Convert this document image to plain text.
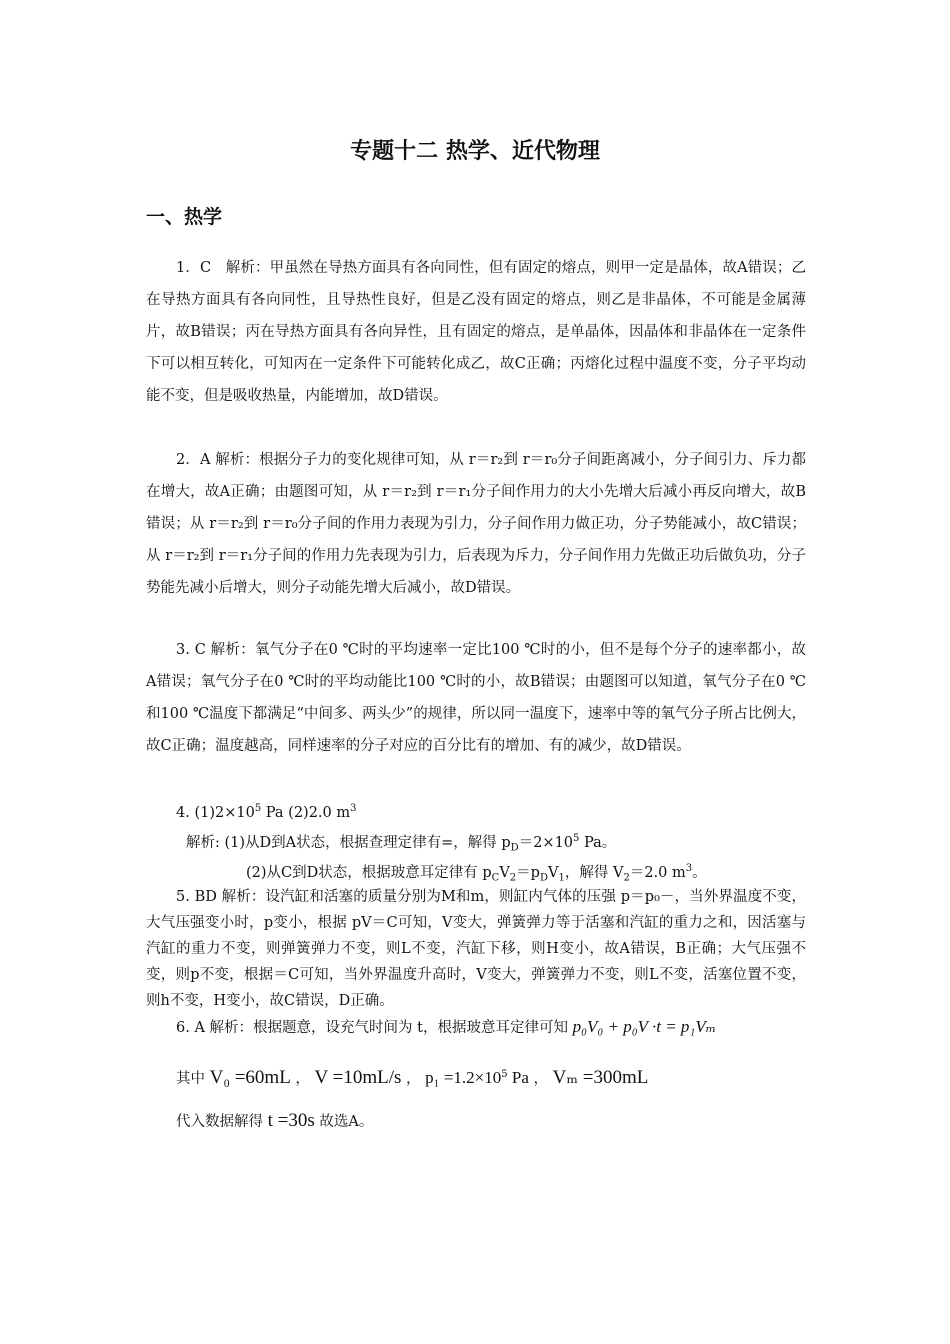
专题十二 热学、近代物理
一、热学
1．C　解析：甲虽然在导热方面具有各向同性，但有固定的熔点，则甲一定是晶体，故A错误；乙在导热方面具有各向同性，且导热性良好，但是乙没有固定的熔点，则乙是非晶体，不可能是金属薄片，故B错误；丙在导热方面具有各向异性，且有固定的熔点，是单晶体，因晶体和非晶体在一定条件下可以相互转化，可知丙在一定条件下可能转化成乙，故C正确；丙熔化过程中温度不变，分子平均动能不变，但是吸收热量，内能增加，故D错误。
2．A 解析：根据分子力的变化规律可知，从 r＝r₂到 r＝r₀分子间距离减小，分子间引力、斥力都在增大，故A正确；由题图可知，从 r＝r₂到 r＝r₁分子间作用力的大小先增大后减小再反向增大，故B错误；从 r＝r₂到 r＝r₀分子间的作用力表现为引力，分子间作用力做正功，分子势能减小，故C错误；从 r＝r₂到 r＝r₁分子间的作用力先表现为引力，后表现为斥力，分子间作用力先做正功后做负功，分子势能先减小后增大，则分子动能先增大后减小，故D错误。
3. C 解析：氧气分子在0 ℃时的平均速率一定比100 ℃时的小，但不是每个分子的速率都小，故A错误；氧气分子在0 ℃时的平均动能比100 ℃时的小，故B错误；由题图可以知道，氧气分子在0 ℃和100 ℃温度下都满足“中间多、两头少”的规律，所以同一温度下，速率中等的氧气分子所占比例大，故C正确；温度越高，同样速率的分子对应的百分比有的增加、有的减少，故D错误。
4. $(1)2\times 10^5$ Pa (2)2.0 $m^3$
解析: (1)从D到A状态，根据查理定律有=，解得 $p_D=2\times 10^5$ Pa。
(2)从C到D状态，根据玻意耳定律有 $p_CV_2=p_DV_1$，解得 $V_2=2.0$ $m^3$。
5. BD 解析：设汽缸和活塞的质量分别为M和m，则缸内气体的压强 p＝p₀－，当外界温度不变，大气压强变小时，p变小，根据 pV＝C可知，V变大，弹簧弹力等于活塞和汽缸的重力之和，因活塞与汽缸的重力不变，则弹簧弹力不变，则L不变，汽缸下移，则H变小，故A错误，B正确；大气压强不变，则p不变，根据＝C可知，当外界温度升高时，V变大，弹簧弹力不变，则L不变，活塞位置不变，则h不变，H变小，故C错误，D正确。
6. A 解析：根据题意，设充气时间为 t，根据玻意耳定律可知 p₀V₀ + p₀V ·t = p₁Vₘ
其中 V₀ =60mL ， V =10mL/s ， $p_1 =1.2\times 10^5$ Pa ， Vₘ =300mL
代入数据解得 t =30s 故选A。
